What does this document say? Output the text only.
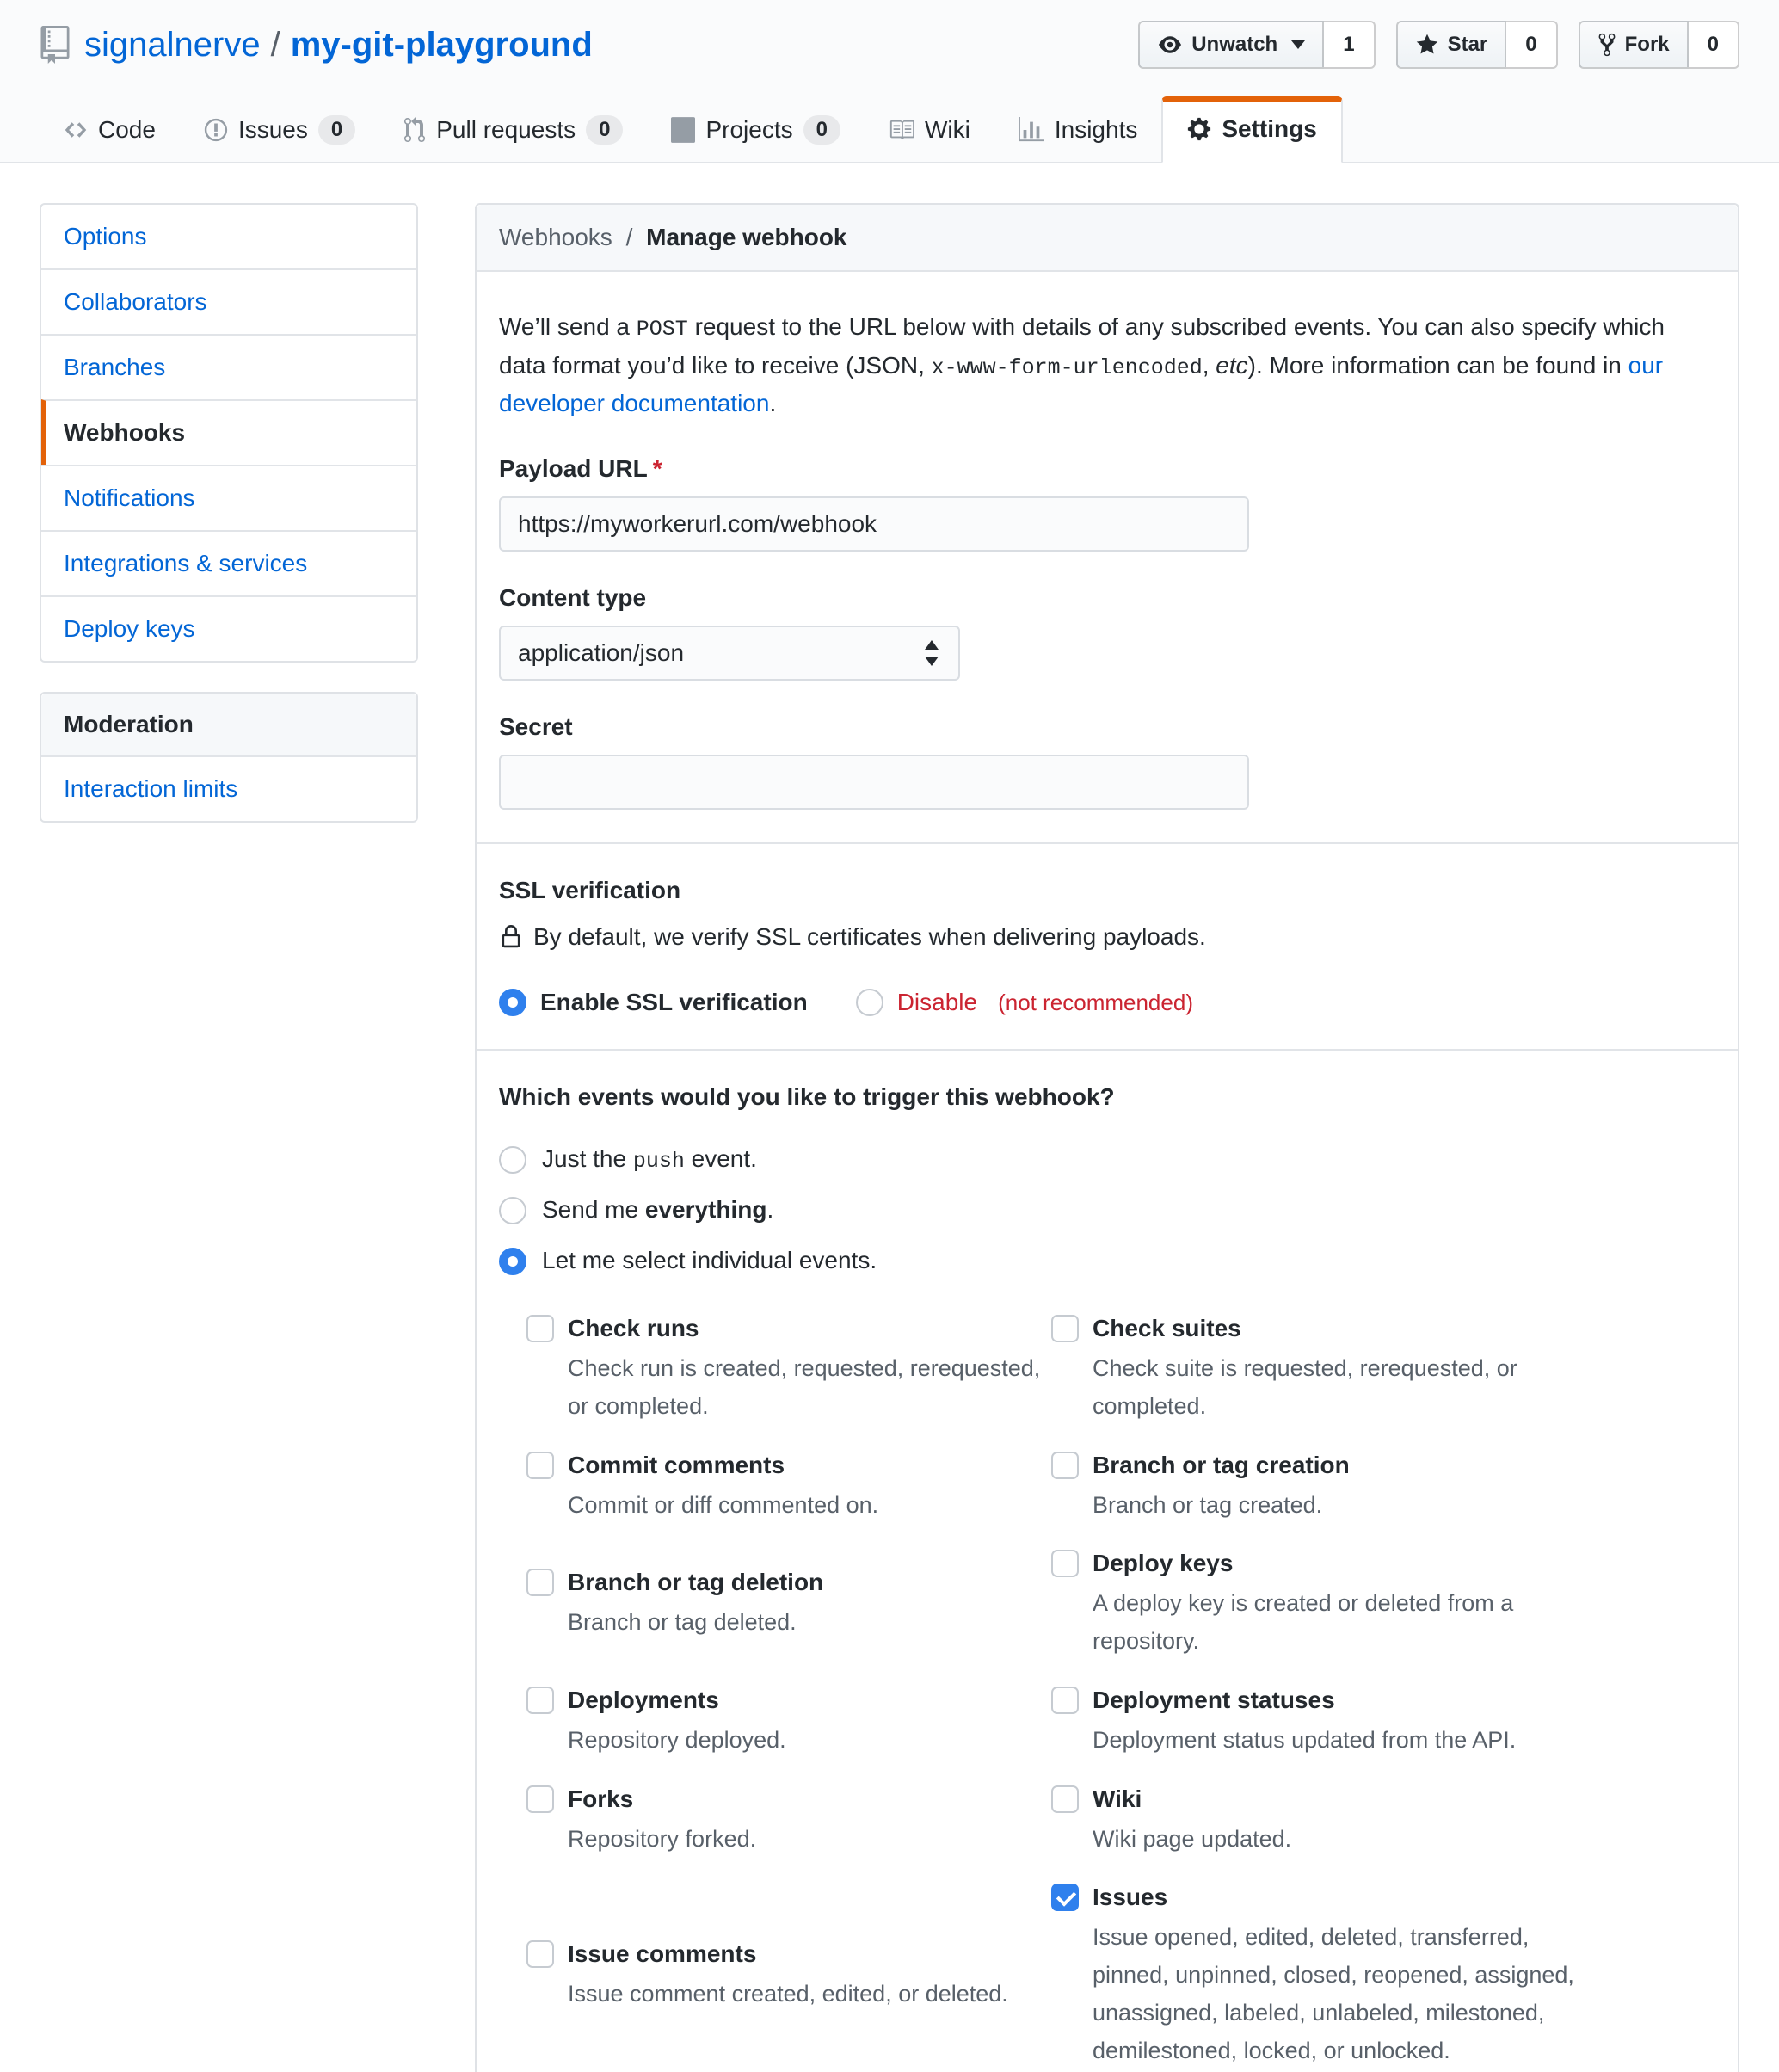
signalnerve / my-git-playground	Unwatch	1	Star	0	Fork	0
Code	Issues	0	Pull requests	0	Projects	0	Wiki	Insights	Settings
Options
Collaborators
Branches
Webhooks
Notifications
Integrations & services
Deploy keys
Moderation
Interaction limits
Webhooks / Manage webhook

We’ll send a POST request to the URL below with details of any subscribed events. You can also specify which data format you’d like to receive (JSON, x-www-form-urlencoded, etc). More information can be found in our developer documentation.

Payload URL *
https://myworkerurl.com/webhook
Content type
application/json
Secret
SSL verification

By default, we verify SSL certificates when delivering payloads.

Enable SSL verification	Disable (not recommended)
Which events would you like to trigger this webhook?
Just the push event.
Send me everything.
Let me select individual events.
Check runs
Check run is created, requested, rerequested, or completed.
Check suites
Check suite is requested, rerequested, or completed.
Commit comments
Commit or diff commented on.
Branch or tag creation
Branch or tag created.
Branch or tag deletion
Branch or tag deleted.
Deploy keys
A deploy key is created or deleted from a repository.
Deployments
Repository deployed.
Deployment statuses
Deployment status updated from the API.
Forks
Repository forked.
Wiki
Wiki page updated.
Issue comments
Issue comment created, edited, or deleted.
Issues
Issue opened, edited, deleted, transferred, pinned, unpinned, closed, reopened, assigned, unassigned, labeled, unlabeled, milestoned, demilestoned, locked, or unlocked.
